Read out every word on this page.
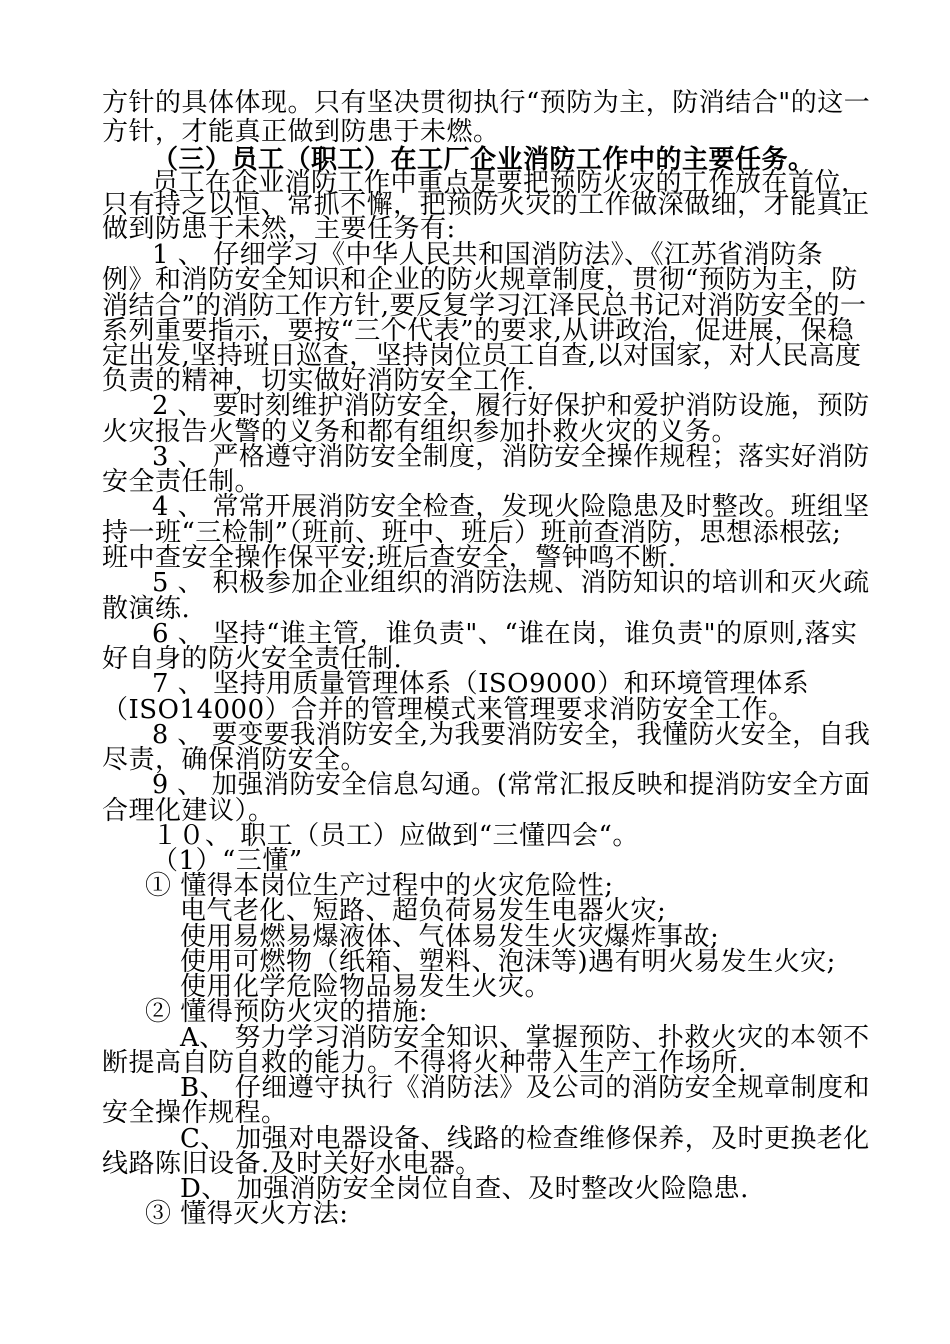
方针的具体体现。只有坚决贯彻执行“预防为主，防消结合"的这一
方针，才能真正做到防患于未燃。
（三）员工（职工）在工厂企业消防工作中的主要任务。
员工在企业消防工作中重点是要把预防火灾的工作放在首位，
只有持之以恒、常抓不懈，把预防火灾的工作做深做细，才能真正
做到防患于未然，主要任务有:
1 、 仔细学习《中华人民共和国消防法》、《江苏省消防条
例》和消防安全知识和企业的防火规章制度，贯彻“预防为主，防
消结合”的消防工作方针,要反复学习江泽民总书记对消防安全的一
系列重要指示，要按“三个代表”的要求,从讲政治，促进展，保稳
定出发,坚持班日巡查，坚持岗位员工自查,以对国家，对人民高度
负责的精神，切实做好消防安全工作.
2 、 要时刻维护消防安全，履行好保护和爱护消防设施，预防
火灾报告火警的义务和都有组织参加扑救火灾的义务。
3 、 严格遵守消防安全制度，消防安全操作规程；落实好消防
安全责任制。
4 、 常常开展消防安全检查，发现火险隐患及时整改。班组坚
持一班“三检制”（班前、班中、班后）班前查消防，思想添根弦;
班中查安全操作保平安;班后查安全，警钟鸣不断.
5 、 积极参加企业组织的消防法规、消防知识的培训和灭火疏
散演练.
6 、 坚持“谁主管，谁负责"、“谁在岗，谁负责"的原则,落实
好自身的防火安全责任制.
7 、 坚持用质量管理体系（ISO9000）和环境管理体系
（ISO14000）合并的管理模式来管理要求消防安全工作。
8 、 要变要我消防安全,为我要消防安全，我懂防火安全，自我
尽责，确保消防安全。
9 、 加强消防安全信息勾通。(常常汇报反映和提消防安全方面
合理化建议）。
１０、 职工（员工）应做到“三懂四会“。
（1）“三懂”
① 懂得本岗位生产过程中的火灾危险性;
电气老化、短路、超负荷易发生电器火灾;
使用易燃易爆液体、气体易发生火灾爆炸事故;
使用可燃物（纸箱、塑料、泡沫等)遇有明火易发生火灾;
使用化学危险物品易发生火灾。
② 懂得预防火灾的措施:
A、 努力学习消防安全知识、掌握预防、扑救火灾的本领不
断提高自防自救的能力。不得将火种带入生产工作场所.
B、 仔细遵守执行《消防法》及公司的消防安全规章制度和
安全操作规程。
C、 加强对电器设备、线路的检查维修保养，及时更换老化
线路陈旧设备.及时关好水电器。
D、 加强消防安全岗位自查、及时整改火险隐患.
③ 懂得灭火方法:
